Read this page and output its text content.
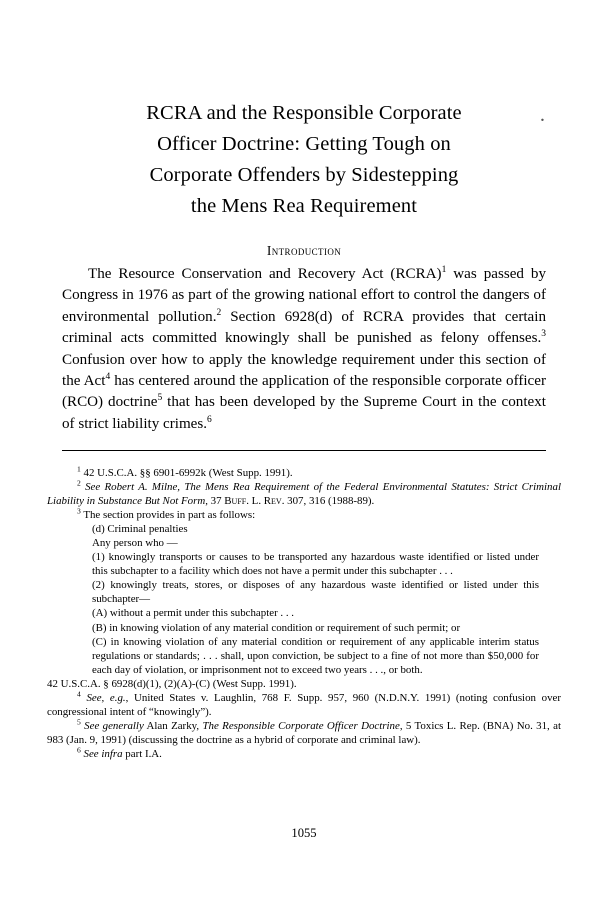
RCRA and the Responsible Corporate
Officer Doctrine: Getting Tough on
Corporate Offenders by Sidestepping
the Mens Rea Requirement
.
Introduction
The Resource Conservation and Recovery Act (RCRA)$^1$ was passed by Congress in 1976 as part of the growing national effort to control the dangers of environmental pollution.$^2$ Section 6928(d) of RCRA provides that certain criminal acts committed knowingly shall be punished as felony offenses.$^3$ Confusion over how to apply the knowledge requirement under this section of the Act$^4$ has centered around the application of the responsible corporate officer (RCO) doctrine$^5$ that has been developed by the Supreme Court in the context of strict liability crimes.$^6$

$^1$ 42 U.S.C.A. §§ 6901-6992k (West Supp. 1991).

$^2$ See Robert A. Milne, The Mens Rea Requirement of the Federal Environmental Statutes: Strict Criminal Liability in Substance But Not Form, 37 Buff. L. Rev. 307, 316 (1988-89).

$^3$ The section provides in part as follows:

(d) Criminal penalties

Any person who —

(1) knowingly transports or causes to be transported any hazardous waste identified or listed under this subchapter to a facility which does not have a permit under this subchapter . . .

(2) knowingly treats, stores, or disposes of any hazardous waste identified or listed under this subchapter—

(A) without a permit under this subchapter . . .

(B) in knowing violation of any material condition or requirement of such permit; or

(C) in knowing violation of any material condition or requirement of any applicable interim status regulations or standards; . . . shall, upon conviction, be subject to a fine of not more than $50,000 for each day of violation, or imprisonment not to exceed two years . . ., or both.

42 U.S.C.A. § 6928(d)(1), (2)(A)-(C) (West Supp. 1991).

$^4$ See, e.g., United States v. Laughlin, 768 F. Supp. 957, 960 (N.D.N.Y. 1991) (noting confusion over congressional intent of “knowingly”).

$^5$ See generally Alan Zarky, The Responsible Corporate Officer Doctrine, 5 Toxics L. Rep. (BNA) No. 31, at 983 (Jan. 9, 1991) (discussing the doctrine as a hybrid of corporate and criminal law).

$^6$ See infra part I.A.

1055
